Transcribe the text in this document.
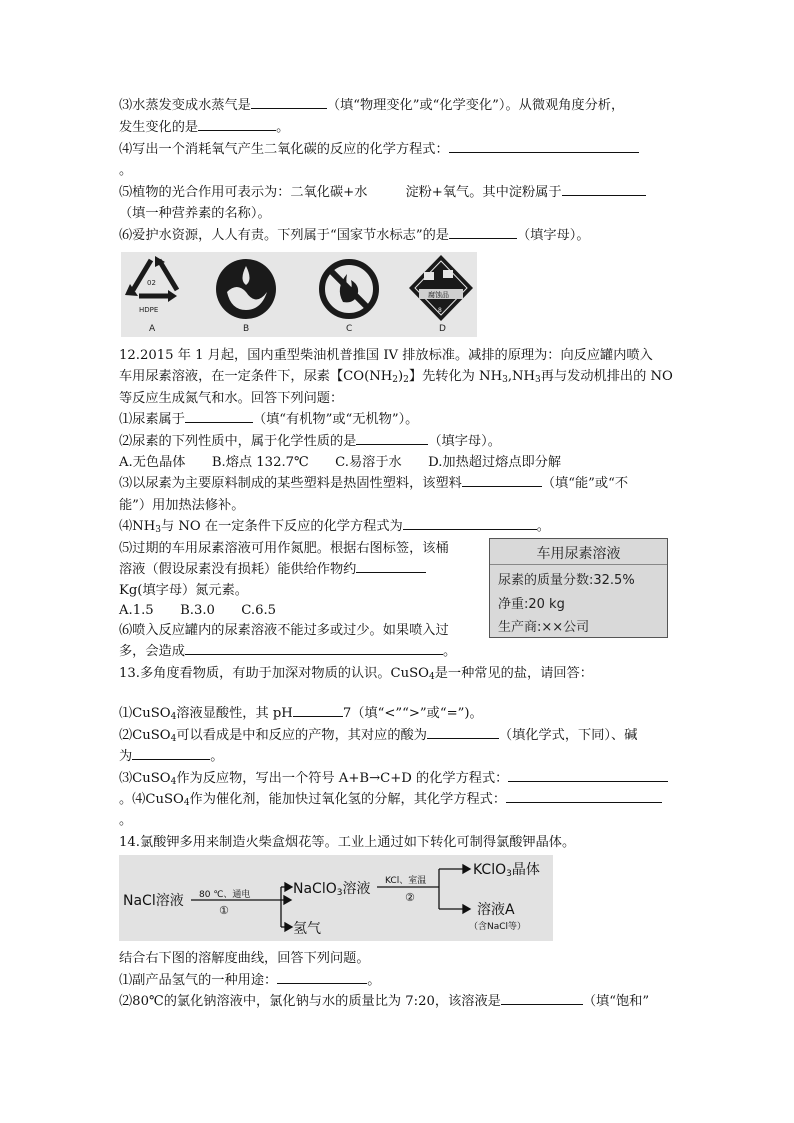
⑶水蒸发变成水蒸气是	（填“物理变化”或“化学变化”）。从微观角度分析，
发生变化的是	。
⑷写出一个消耗氧气产生二氧化碳的反应的化学方程式：
。
⑸植物的光合作用可表示为：二氧化碳+水	淀粉+氧气。其中淀粉属于
（填一种营养素的名称）。
⑹爱护水资源，人人有责。下列属于“国家节水标志”的是	（填字母）。
02
HDPE
腐蚀品
8
A	B	C	D
12.2015 年 1 月起，国内重型柴油机普推国 IV 排放标准。减排的原理为：向反应罐内喷入
车用尿素溶液，在一定条件下，尿素【$CO(NH_2)_2$】先转化为 $NH_3,NH_3$再与发动机排出的 NO
等反应生成氮气和水。回答下列问题：
⑴尿素属于	（填“有机物”或“无机物”）。
⑵尿素的下列性质中，属于化学性质的是	（填字母）。
A.无色晶体　　B.熔点 132.7℃　　C.易溶于水　　D.加热超过熔点即分解
⑶以尿素为主要原料制成的某些塑料是热固性塑料，该塑料	（填“能”或“不
能”）用加热法修补。
$⑷NH_3$与 NO 在一定条件下反应的化学方程式为	。
⑸过期的车用尿素溶液可用作氮肥。根据右图标签，该桶
溶液（假设尿素没有损耗）能供给作物约
Kg(填字母）氮元素。
A.1.5　　B.3.0　　C.6.5
⑹喷入反应罐内的尿素溶液不能过多或过少。如果喷入过
多，会造成	。
车用尿素溶液
尿素的质量分数:32.5%
净重:20 kg
生产商:××公司
13.多角度看物质，有助于加深对物质的认识。CuSO$_4$是一种常见的盐，请回答：
⑴CuSO$_4$溶液显酸性，其 pH	7（填“<”“>”或“=”)。
⑵CuSO$_4$可以看成是中和反应的产物，其对应的酸为	（填化学式，下同）、碱
为	。
⑶CuSO$_4$作为反应物，写出一个符号 A+B→C+D 的化学方程式：
。⑷CuSO$_4$作为催化剂，能加快过氧化氢的分解，其化学方程式：
。
14.氯酸钾多用来制造火柴盒烟花等。工业上通过如下转化可制得氯酸钾晶体。
NaCl溶液 80 ℃、通电
①
NaClO$_3$溶液
氢气
KCl、室温
②
KClO$_3$晶体
溶液A
（含NaCl等）
结合右下图的溶解度曲线，回答下列问题。
⑴副产品氢气的一种用途：	。
⑵80℃的氯化钠溶液中，氯化钠与水的质量比为 7:20，该溶液是	（填“饱和”
